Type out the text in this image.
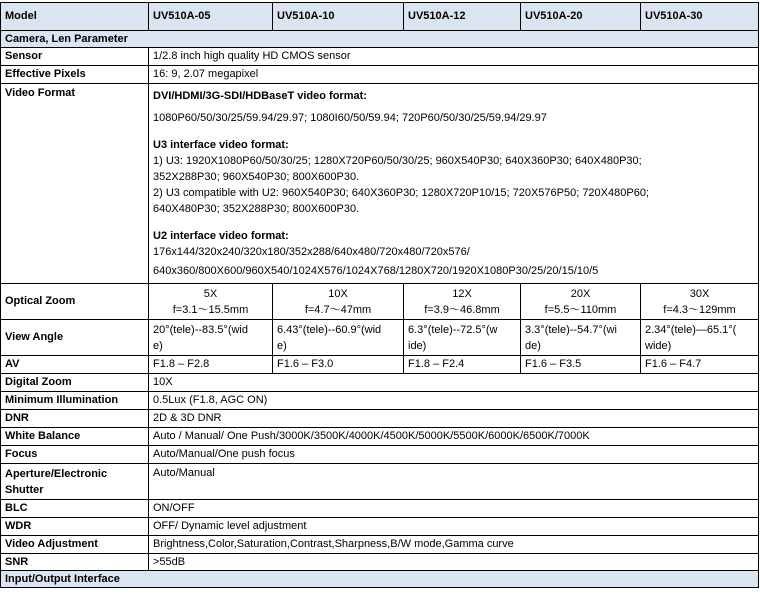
Model	UV510A-05	UV510A-10	UV510A-12	UV510A-20	UV510A-30
Camera, Len Parameter
Sensor	1/2.8 inch high quality HD CMOS sensor
Effective Pixels	16: 9, 2.07 megapixel
Video Format	DVI/HDMI/3G-SDI/HDBaseT video format:
1080P60/50/30/25/59.94/29.97; 1080I60/50/59.94; 720P60/50/30/25/59.94/29.97
U3 interface video format:
1) U3: 1920X1080P60/50/30/25; 1280X720P60/50/30/25; 960X540P30; 640X360P30; 640X480P30;
352X288P30; 960X540P30; 800X600P30.
2) U3 compatible with U2: 960X540P30; 640X360P30; 1280X720P10/15; 720X576P50; 720X480P60;
640X480P30; 352X288P30; 800X600P30.
U2 interface video format:
176x144/320x240/320x180/352x288/640x480/720x480/720x576/
640x360/800X600/960X540/1024X576/1024X768/1280X720/1920X1080P30/25/20/15/10/5

Optical Zoom	
5X
f=3.1～15.5mm

10X
f=4.7～47mm

12X
f=3.9～46.8mm

20X
f=5.5～110mm

30X
f=4.3～129mm

View Angle	
20°(tele)--83.5°(wid
e)

6.43°(tele)--60.9°(wid
e)

6.3°(tele)--72.5°(w
ide)

3.3°(tele)--54.7°(wi
de)

2.34°(tele)—65.1°(
wide)

AV	F1.8 – F2.8	F1.6 – F3.0	F1.8 – F2.4	F1.6 – F3.5	F1.6 – F4.7
Digital Zoom	10X
Minimum Illumination	0.5Lux (F1.8, AGC ON)
DNR	2D & 3D DNR
White Balance	Auto / Manual/ One Push/3000K/3500K/4000K/4500K/5000K/5500K/6000K/6500K/7000K
Focus	Auto/Manual/One push focus

Aperture/Electronic
Shutter
	Auto/Manual
BLC	ON/OFF
WDR	OFF/ Dynamic level adjustment
Video Adjustment	Brightness,Color,Saturation,Contrast,Sharpness,B/W mode,Gamma curve
SNR	>55dB
Input/Output Interface
